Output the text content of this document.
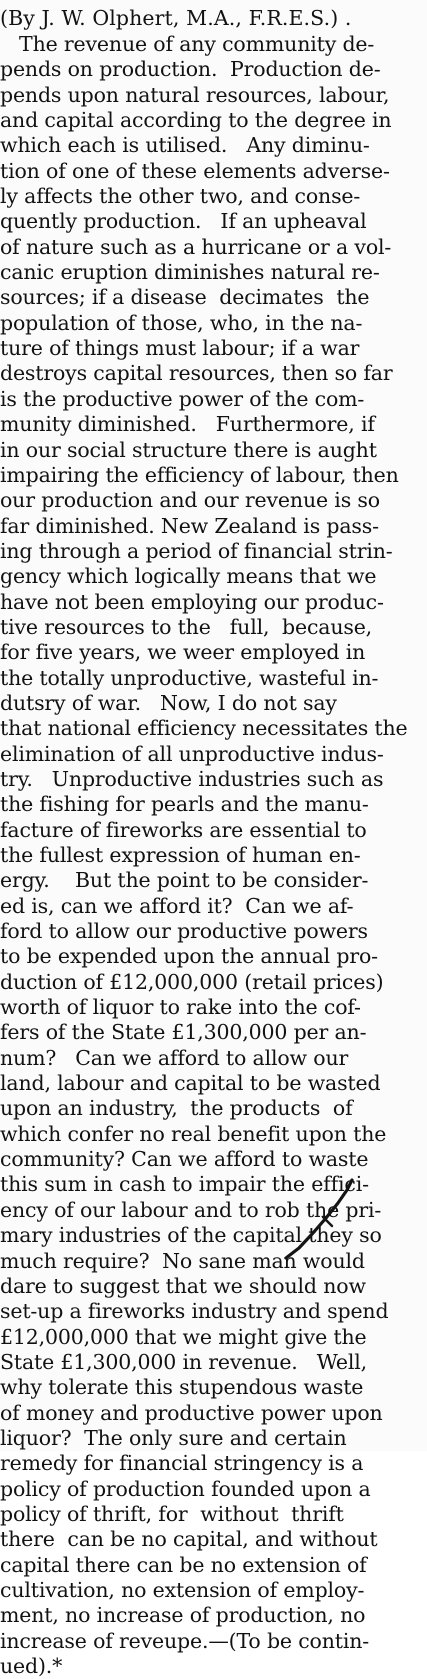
(By J. W. Olphert, M.A., F.R.E.S.) .
The revenue of any community de-
pends on production.  Production de-
pends upon natural resources, labour,
and capital according to the degree in
which each is utilised.   Any diminu-
tion of one of these elements adverse-
ly affects the other two, and conse-
quently production.   If an upheaval
of nature such as a hurricane or a vol-
canic eruption diminishes natural re-
sources; if a disease  decimates  the
population of those, who, in the na-
ture of things must labour; if a war
destroys capital resources, then so far
is the productive power of the com-
munity diminished.   Furthermore, if
in our social structure there is aught
impairing the efficiency of labour, then
our production and our revenue is so
far diminished. New Zealand is pass-
ing through a period of financial strin-
gency which logically means that we
have not been employing our produc-
tive resources to the   full,  because,
for five years, we weer employed in
the totally unproductive, wasteful in-
dutsry of war.   Now, I do not say
that national efficiency necessitates the
elimination of all unproductive indus-
try.   Unproductive industries such as
the fishing for pearls and the manu-
facture of fireworks are essential to
the fullest expression of human en-
ergy.    But the point to be consider-
ed is, can we afford it?  Can we af-
ford to allow our productive powers
to be expended upon the annual pro-
duction of £12,000,000 (retail prices)
worth of liquor to rake into the cof-
fers of the State £1,300,000 per an-
num?   Can we afford to allow our
land, labour and capital to be wasted
upon an industry,  the products  of
which confer no real benefit upon the
community? Can we afford to waste
this sum in cash to impair the effici-
ency of our labour and to rob the pri-
mary industries of the capital they so
much require?  No sane man would
dare to suggest that we should now
set-up a fireworks industry and spend
£12,000,000 that we might give the
State £1,300,000 in revenue.   Well,
why tolerate this stupendous waste
of money and productive power upon
liquor?  The only sure and certain
remedy for financial stringency is a
policy of production founded upon a
policy of thrift, for  without  thrift
there  can be no capital, and without
capital there can be no extension of
cultivation, no extension of employ-
ment, no increase of production, no
increase of reveupe.—(To be contin-
ued).*
